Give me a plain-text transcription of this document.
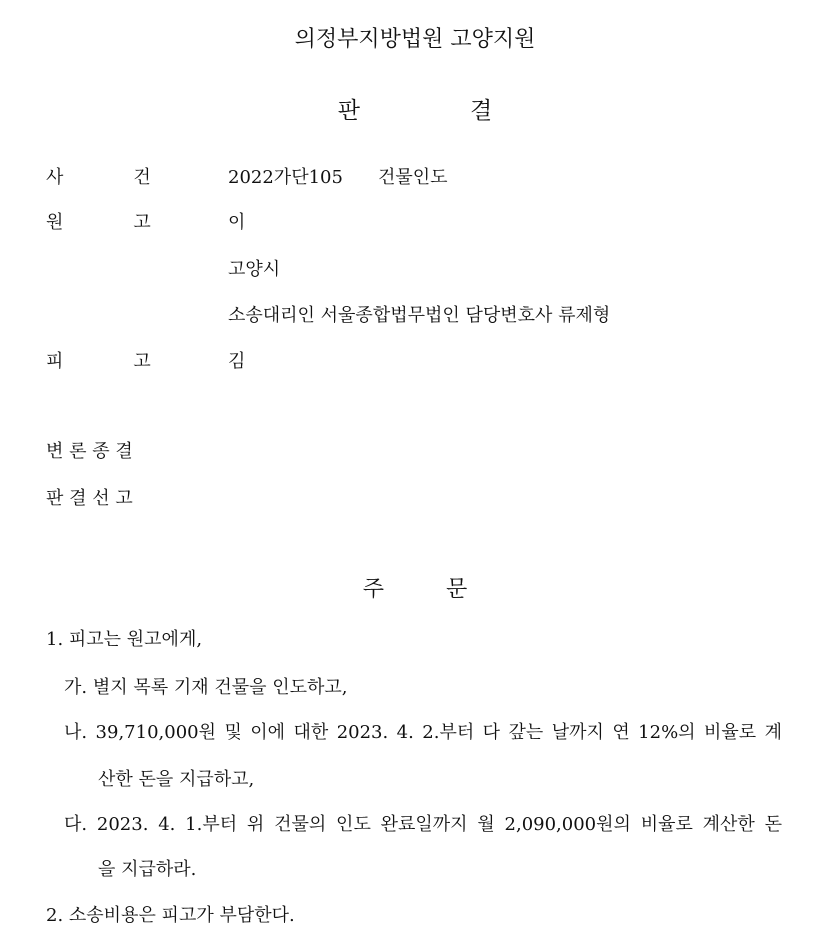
의정부지방법원 고양지원
판	결
사	건	2022가단105 건물인도
원	고	이
고양시
소송대리인 서울종합법무법인 담당변호사 류제형
피	고	김
변 론 종 결
판 결 선 고
주	문
1. 피고는 원고에게,
가. 별지 목록 기재 건물을 인도하고,
나. 39,710,000원 및 이에 대한 2023. 4. 2.부터 다 갚는 날까지 연 12%의 비율로 계
산한 돈을 지급하고,
다. 2023. 4. 1.부터 위 건물의 인도 완료일까지 월 2,090,000원의 비율로 계산한 돈
을 지급하라.
2. 소송비용은 피고가 부담한다.
